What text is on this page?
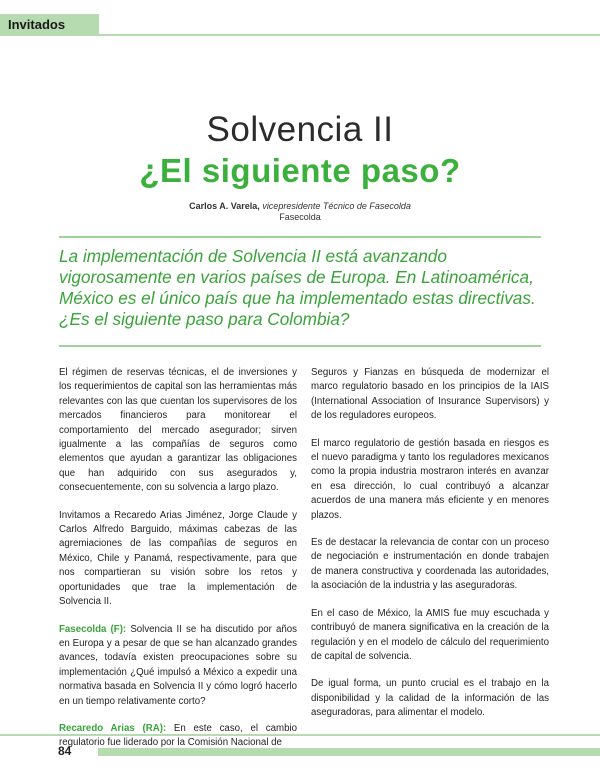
Invitados
Solvencia II
¿El siguiente paso?
Carlos A. Varela, vicepresidente Técnico de Fasecolda
Fasecolda
La implementación de Solvencia II está avanzando vigorosamente en varios países de Europa. En Latinoamérica, México es el único país que ha implementado estas directivas. ¿Es el siguiente paso para Colombia?

El régimen de reservas técnicas, el de inversiones y los requerimientos de capital son las herramientas más relevantes con las que cuentan los supervisores de los mercados financieros para monitorear el comportamiento del mercado asegurador; sirven igualmente a las compañías de seguros como elementos que ayudan a garantizar las obligaciones que han adquirido con sus asegurados y, consecuentemente, con su solvencia a largo plazo.

Invitamos a Recaredo Arias Jiménez, Jorge Claude y Carlos Alfredo Barguido, máximas cabezas de las agremiaciones de las compañías de seguros en México, Chile y Panamá, respectivamente, para que nos compartieran su visión sobre los retos y oportunidades que trae la implementación de Solvencia II.

Fasecolda (F): Solvencia II se ha discutido por años en Europa y a pesar de que se han alcanzado grandes avances, todavía existen preocupaciones sobre su implementación ¿Qué impulsó a México a expedir una normativa basada en Solvencia II y cómo logró hacerlo en un tiempo relativamente corto?

Recaredo Arias (RA): En este caso, el cambio regulatorio fue liderado por la Comisión Nacional de

Seguros y Fianzas en búsqueda de modernizar el marco regulatorio basado en los principios de la IAIS (International Association of Insurance Supervisors) y de los reguladores europeos.

El marco regulatorio de gestión basada en riesgos es el nuevo paradigma y tanto los reguladores mexicanos como la propia industria mostraron interés en avanzar en esa dirección, lo cual contribuyó a alcanzar acuerdos de una manera más eficiente y en menores plazos.

Es de destacar la relevancia de contar con un proceso de negociación e instrumentación en donde trabajen de manera constructiva y coordenada las autoridades, la asociación de la industria y las aseguradoras.

En el caso de México, la AMIS fue muy escuchada y contribuyó de manera significativa en la creación de la regulación y en el modelo de cálculo del requerimiento de capital de solvencia.

De igual forma, un punto crucial es el trabajo en la disponibilidad y la calidad de la información de las aseguradoras, para alimentar el modelo.

84
